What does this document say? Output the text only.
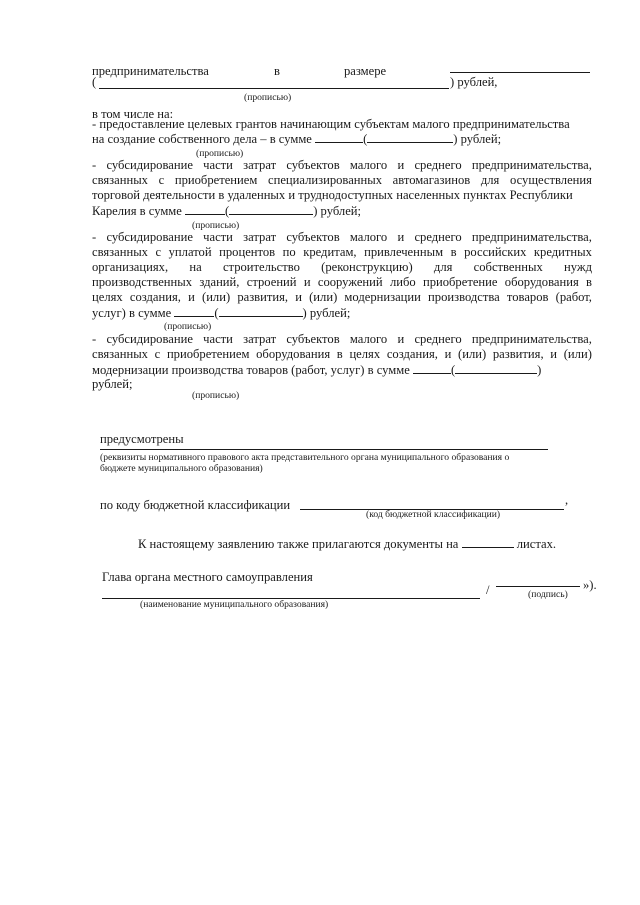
предпринимательства	в	размере
(	) рублей,
(прописью)
в том числе на:
- предоставление целевых грантов начинающим субъектам малого предпринимательства
на создание собственного дела – в сумме	(	) рублей;
(прописью)
- субсидирование части затрат субъектов малого и среднего предпринимательства,
связанных с приобретением специализированных автомагазинов для осуществления
торговой деятельности в удаленных и труднодоступных населенных пунктах Республики
Карелия в сумме	(	) рублей;
(прописью)
- субсидирование части затрат субъектов малого и среднего предпринимательства,
связанных с уплатой процентов по кредитам, привлеченным в российских кредитных
организациях, на строительство (реконструкцию) для собственных нужд
производственных зданий, строений и сооружений либо приобретение оборудования в
целях создания, и (или) развития, и (или) модернизации производства товаров (работ,
услуг) в сумме	(	) рублей;
(прописью)
- субсидирование части затрат субъектов малого и среднего предпринимательства,
связанных с приобретением оборудования в целях создания, и (или) развития, и (или)
модернизации производства товаров (работ, услуг) в сумме	(	)
рублей;
(прописью)
предусмотрены
(реквизиты нормативного правового акта представительного органа муниципального образования о
бюджете муниципального образования)
по коду бюджетной классификации	,
(код бюджетной классификации)
К настоящему заявлению также прилагаются документы на	листах.
Глава органа местного самоуправления
/	»).
(наименование муниципального образования)
(подпись)
